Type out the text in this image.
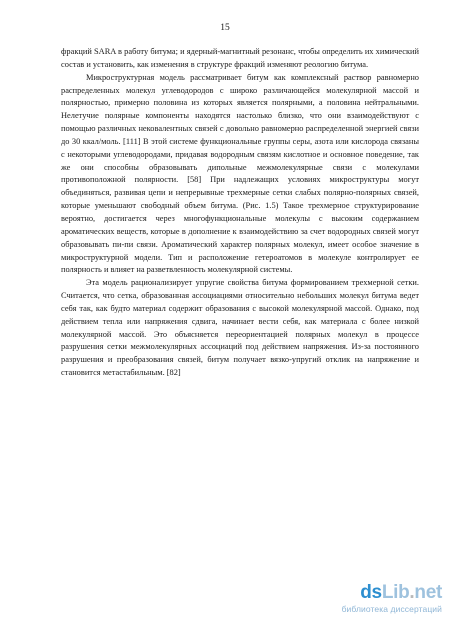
15

фракций SARA в работу битума; и ядерный-магнитный резонанс, чтобы определить их химический состав и установить, как изменения в структуре фракций изменяют реологию битума.

Микроструктурная модель рассматривает битум как комплексный раствор равномерно распределенных молекул углеводородов с широко различающейся молекулярной массой и полярностью, примерно половина из которых является полярными, а половина нейтральными. Нелетучие полярные компоненты находятся настолько близко, что они взаимодействуют с помощью различных нековалентных связей с довольно равномерно распределенной энергией связи до 30 ккал/моль. [111] В этой системе функциональные группы серы, азота или кислорода связаны с некоторыми углеводородами, придавая водородным связям кислотное и основное поведение, так же они способны образовывать дипольные межмолекулярные связи с молекулами противоположной полярности. [58] При надлежащих условиях микроструктуры могут объединяться, развивая цепи и непрерывные трехмерные сетки слабых полярно-полярных связей, которые уменьшают свободный объем битума. (Рис. 1.5) Такое трехмерное структурирование вероятно, достигается через многофункциональные молекулы с высоким содержанием ароматических веществ, которые в дополнение к взаимодействию за счет водородных связей могут образовывать пи-пи связи. Ароматический характер полярных молекул, имеет особое значение в микроструктурной модели. Тип и расположение гетероатомов в молекуле контролирует ее полярность и влияет на разветвленность молекулярной системы.

Эта модель рационализирует упругие свойства битума формированием трехмерной сетки. Считается, что сетка, образованная ассоциациями относительно небольших молекул битума ведет себя так, как будто материал содержит образования с высокой молекулярной массой. Однако, под действием тепла или напряжения сдвига, начинает вести себя, как материала с более низкой молекулярной массой. Это объясняется переориентацией полярных молекул в процессе разрушения сетки межмолекулярных ассоциаций под действием напряжения. Из-за постоянного разрушения и преобразования связей, битум получает вязко-упругий отклик на напряжение и становится метастабильным. [82]

dsLib.net
библиотека диссертаций
